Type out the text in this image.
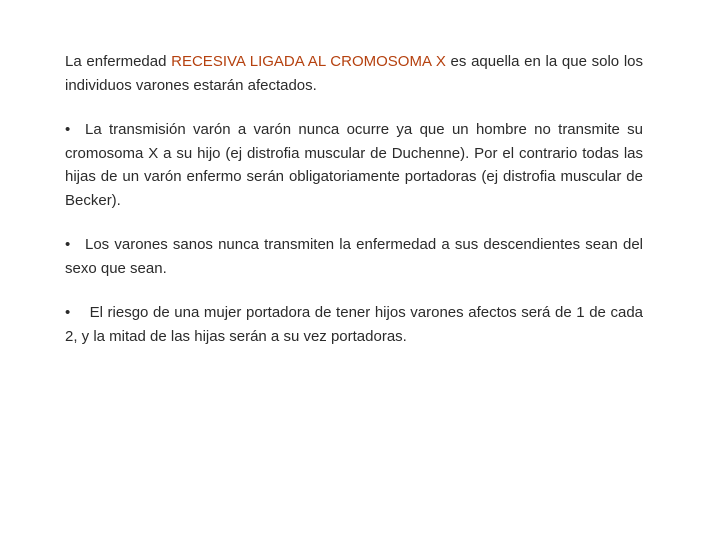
La enfermedad RECESIVA LIGADA AL CROMOSOMA X es aquella en la que solo los individuos varones estarán afectados.

• La transmisión varón a varón nunca ocurre ya que un hombre no transmite su cromosoma X a su hijo (ej distrofia muscular de Duchenne). Por el contrario todas las hijas de un varón enfermo serán obligatoriamente portadoras (ej distrofia muscular de Becker).

• Los varones sanos nunca transmiten la enfermedad a sus descendientes sean del sexo que sean.

• El riesgo de una mujer portadora de tener hijos varones afectos será de 1 de cada 2, y la mitad de las hijas serán a su vez portadoras.
